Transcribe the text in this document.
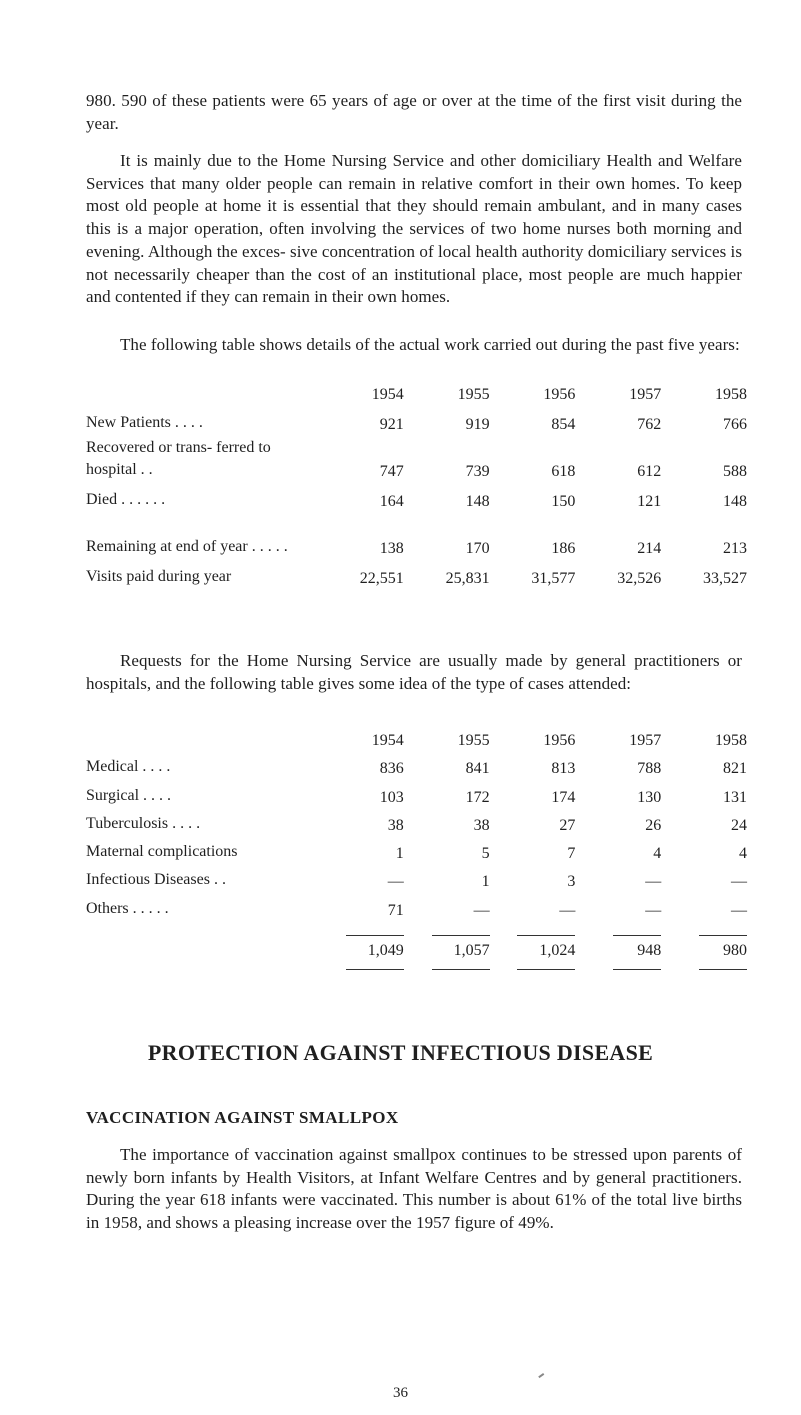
980. 590 of these patients were 65 years of age or over at the time of the first visit during the year.

It is mainly due to the Home Nursing Service and other domiciliary Health and Welfare Services that many older people can remain in relative comfort in their own homes. To keep most old people at home it is essential that they should remain ambulant, and in many cases this is a major operation, often involving the services of two home nurses both morning and evening. Although the exces- sive concentration of local health authority domiciliary services is not necessarily cheaper than the cost of an institutional place, most people are much happier and contented if they can remain in their own homes.

The following table shows details of the actual work carried out during the past five years:

	1954	1955	1956	1957	1958
New Patients . . . .	921	919	854	762	766
Recovered or trans- ferred to hospital . .	747	739	618	612	588
Died . . . . . .	164	148	150	121	148
Remaining at end of year . . . . .	138	170	186	214	213
Visits paid during year	22,551	25,831	31,577	32,526	33,527

Requests for the Home Nursing Service are usually made by general practitioners or hospitals, and the following table gives some idea of the type of cases attended:

	1954	1955	1956	1957	1958
Medical . . . .	836	841	813	788	821
Surgical . . . .	103	172	174	130	131
Tuberculosis . . . .	38	38	27	26	24
Maternal complications	1	5	7	4	4
Infectious Diseases . .	—	1	3	—	—
Others . . . . .	71	—	—	—	—
	1,049	1,057	1,024	948	980

PROTECTION AGAINST INFECTIOUS DISEASE
VACCINATION AGAINST SMALLPOX

The importance of vaccination against smallpox continues to be stressed upon parents of newly born infants by Health Visitors, at Infant Welfare Centres and by general practitioners. During the year 618 infants were vaccinated. This number is about 61% of the total live births in 1958, and shows a pleasing increase over the 1957 figure of 49%.

36
